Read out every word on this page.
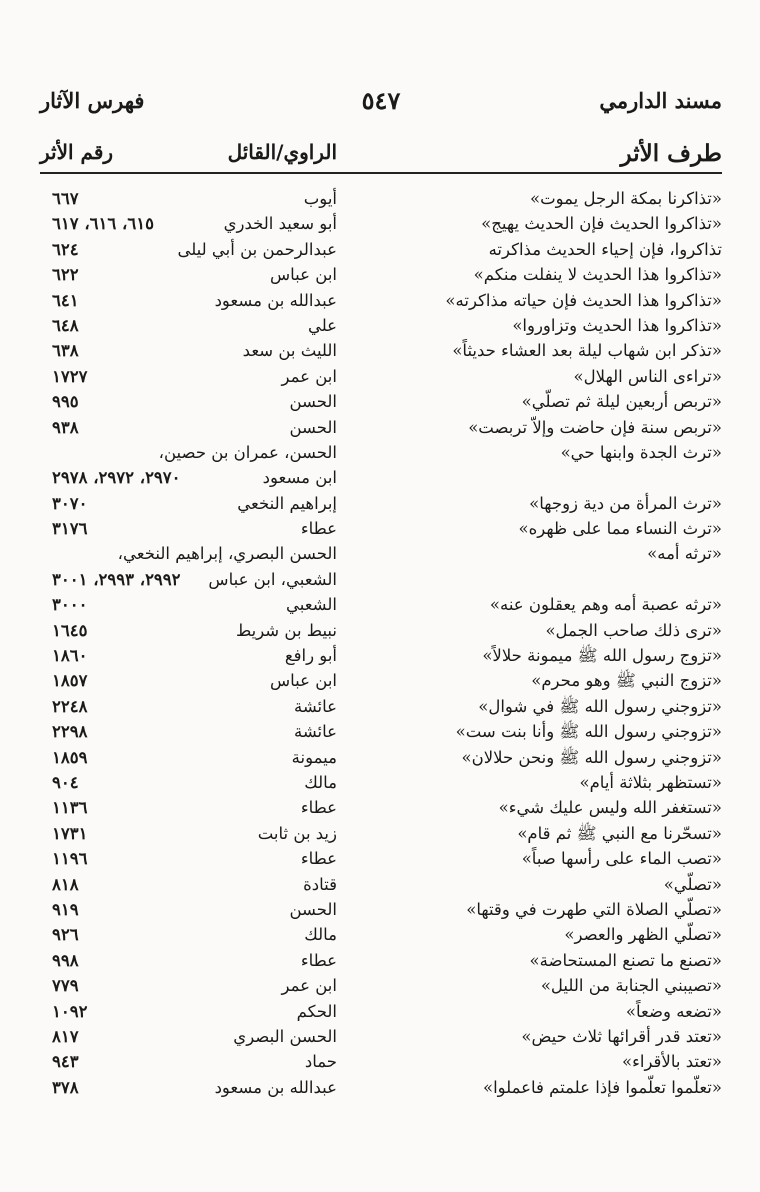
مسند الدارمي
٥٤٧
فهرس الآثار
طرف الأثر
الراوي/القائل
رقم الأثر
«تذاكرنا بمكة الرجل يموت»
أيوب
٦٦٧
«تذاكروا الحديث فإن الحديث يهيج»
أبو سعيد الخدري
٦١٥، ٦١٦، ٦١٧
تذاكروا، فإن إحياء الحديث مذاكرته
عبدالرحمن بن أبي ليلى
٦٢٤
«تذاكروا هذا الحديث لا ينفلت منكم»
ابن عباس
٦٢٢
«تذاكروا هذا الحديث فإن حياته مذاكرته»
عبدالله بن مسعود
٦٤١
«تذاكروا هذا الحديث وتزاوروا»
علي
٦٤٨
«تذكر ابن شهاب ليلة بعد العشاء حديثاً»
الليث بن سعد
٦٣٨
«تراءى الناس الهلال»
ابن عمر
١٧٢٧
«تربص أربعين ليلة ثم تصلّي»
الحسن
٩٩٥
«تربص سنة فإن حاضت وإلاّ تربصت»
الحسن
٩٣٨
«ترث الجدة وابنها حي»
الحسن، عمران بن حصين،
ابن مسعود
٢٩٧٠، ٢٩٧٢، ٢٩٧٨
«ترث المرأة من دية زوجها»
إبراهيم النخعي
٣٠٧٠
«ترث النساء مما على ظهره»
عطاء
٣١٧٦
«ترثه أمه»
الحسن البصري، إبراهيم النخعي،
الشعبي، ابن عباس
٢٩٩٢، ٢٩٩٣، ٣٠٠١
«ترثه عصبة أمه وهم يعقلون عنه»
الشعبي
٣٠٠٠
«ترى ذلك صاحب الجمل»
نبيط بن شريط
١٦٤٥
«تزوج رسول الله ﷺ ميمونة حلالاً»
أبو رافع
١٨٦٠
«تزوج النبي ﷺ وهو محرم»
ابن عباس
١٨٥٧
«تزوجني رسول الله ﷺ في شوال»
عائشة
٢٢٤٨
«تزوجني رسول الله ﷺ وأنا بنت ست»
عائشة
٢٢٩٨
«تزوجني رسول الله ﷺ ونحن حلالان»
ميمونة
١٨٥٩
«تستظهر بثلاثة أيام»
مالك
٩٠٤
«تستغفر الله وليس عليك شيء»
عطاء
١١٣٦
«تسحّرنا مع النبي ﷺ ثم قام»
زيد بن ثابت
١٧٣١
«تصب الماء على رأسها صباً»
عطاء
١١٩٦
«تصلّي»
قتادة
٨١٨
«تصلّي الصلاة التي طهرت في وقتها»
الحسن
٩١٩
«تصلّي الظهر والعصر»
مالك
٩٢٦
«تصنع ما تصنع المستحاضة»
عطاء
٩٩٨
«تصيبني الجنابة من الليل»
ابن عمر
٧٧٩
«تضعه وضعاً»
الحكم
١٠٩٢
«تعتد قدر أقرائها ثلاث حيض»
الحسن البصري
٨١٧
«تعتد بالأقراء»
حماد
٩٤٣
«تعلّموا تعلّموا فإذا علمتم فاعملوا»
عبدالله بن مسعود
٣٧٨
